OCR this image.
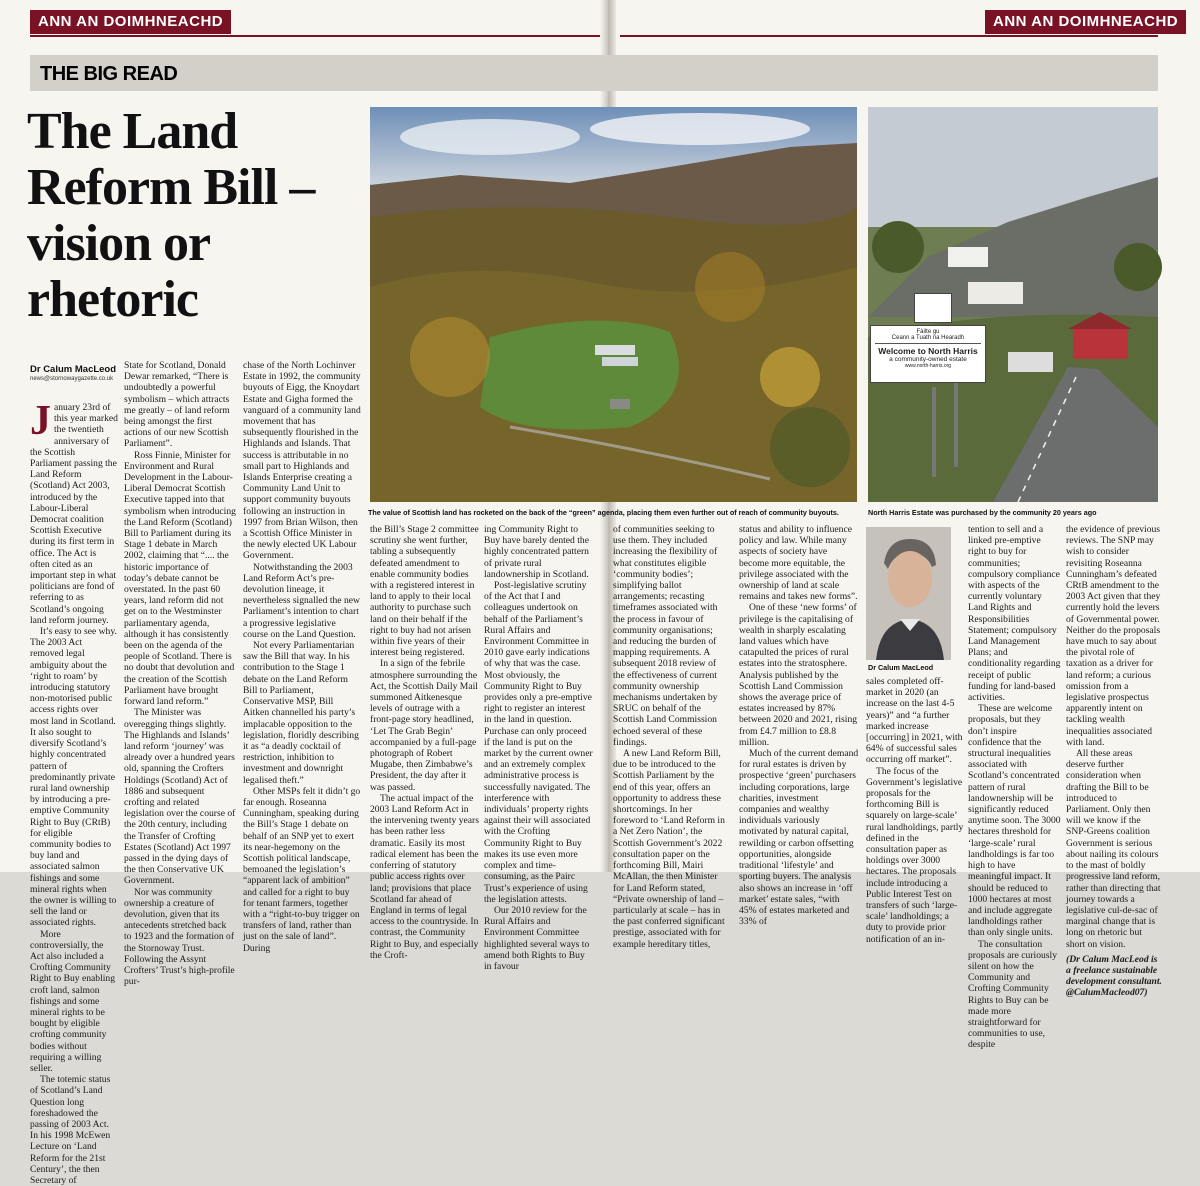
ANN AN DOIMHNEACHD	ANN AN DOIMHNEACHD
THE BIG READ
The Land Reform Bill – vision or rhetoric
Dr Calum MacLeod
news@stornowaygazette.co.uk
The value of Scottish land has rocketed on the back of the “green” agenda, placing them even further out of reach of community buyouts.
Fàilte gu
Ceann a Tuath na Hearadh
Welcome to North Harris
a community-owned estate
www.north-harris.org
North Harris Estate was purchased by the community 20 years ago
Dr Calum MacLeod

January 23rd of this year marked the twentieth anniversary of the Scottish Parliament passing the Land Reform (Scotland) Act 2003, introduced by the Labour-Liberal Democrat coalition Scottish Executive during its first term in office. The Act is often cited as an important step in what politicians are fond of referring to as Scotland’s ongoing land reform journey.

It’s easy to see why. The 2003 Act removed legal ambiguity about the ‘right to roam’ by introducing statutory non-motorised public access rights over most land in Scotland. It also sought to diversify Scotland’s highly concentrated pattern of predominantly private rural land ownership by introducing a pre-emptive Community Right to Buy (CRtB) for eligible community bodies to buy land and associated salmon fishings and some mineral rights when the owner is willing to sell the land or associated rights.

More controversially, the Act also included a Crofting Community Right to Buy enabling croft land, salmon fishings and some mineral rights to be bought by eligible crofting community bodies without requiring a willing seller.

The totemic status of Scotland’s Land Question long foreshadowed the passing of 2003 Act. In his 1998 McEwen Lecture on ‘Land Reform for the 21st Century’, the then Secretary of

State for Scotland, Donald Dewar remarked, “There is undoubtedly a powerful symbolism – which attracts me greatly – of land reform being amongst the first actions of our new Scottish Parliament”.

Ross Finnie, Minister for Environment and Rural Development in the Labour-Liberal Democrat Scottish Executive tapped into that symbolism when introducing the Land Reform (Scotland) Bill to Parliament during its Stage 1 debate in March 2002, claiming that “.... the historic importance of today’s debate cannot be overstated. In the past 60 years, land reform did not get on to the Westminster parliamentary agenda, although it has consistently been on the agenda of the people of Scotland. There is no doubt that devolution and the creation of the Scottish Parliament have brought forward land reform.”

The Minister was overegging things slightly. The Highlands and Islands’ land reform ‘journey’ was already over a hundred years old, spanning the Crofters Holdings (Scotland) Act of 1886 and subsequent crofting and related legislation over the course of the 20th century, including the Transfer of Crofting Estates (Scotland) Act 1997 passed in the dying days of the then Conservative UK Government.

Nor was community ownership a creature of devolution, given that its antecedents stretched back to 1923 and the formation of the Stornoway Trust. Following the Assynt Crofters’ Trust’s high-profile pur-

chase of the North Lochinver Estate in 1992, the community buyouts of Eigg, the Knoydart Estate and Gigha formed the vanguard of a community land movement that has subsequently flourished in the Highlands and Islands. That success is attributable in no small part to Highlands and Islands Enterprise creating a Community Land Unit to support community buyouts following an instruction in 1997 from Brian Wilson, then a Scottish Office Minister in the newly elected UK Labour Government.

Notwithstanding the 2003 Land Reform Act’s pre-devolution lineage, it nevertheless signalled the new Parliament’s intention to chart a progressive legislative course on the Land Question.

Not every Parliamentarian saw the Bill that way. In his contribution to the Stage 1 debate on the Land Reform Bill to Parliament, Conservative MSP, Bill Aitken channelled his party’s implacable opposition to the legislation, floridly describing it as “a deadly cocktail of restriction, inhibition to investment and downright legalised theft.”

Other MSPs felt it didn’t go far enough. Roseanna Cunningham, speaking during the Bill’s Stage 1 debate on behalf of an SNP yet to exert its near-hegemony on the Scottish political landscape, bemoaned the legislation’s “apparent lack of ambition” and called for a right to buy for tenant farmers, together with a “right-to-buy trigger on transfers of land, rather than just on the sale of land”. During

the Bill’s Stage 2 committee scrutiny she went further, tabling a subsequently defeated amendment to enable community bodies with a registered interest in land to apply to their local authority to purchase such land on their behalf if the right to buy had not arisen within five years of their interest being registered.

In a sign of the febrile atmosphere surrounding the Act, the Scottish Daily Mail summoned Aitkenesque levels of outrage with a front-page story headlined, ‘Let The Grab Begin’ accompanied by a full-page photograph of Robert Mugabe, then Zimbabwe’s President, the day after it was passed.

The actual impact of the 2003 Land Reform Act in the intervening twenty years has been rather less dramatic. Easily its most radical element has been the conferring of statutory public access rights over land; provisions that place Scotland far ahead of England in terms of legal access to the countryside. In contrast, the Community Right to Buy, and especially the Croft-

ing Community Right to Buy have barely dented the highly concentrated pattern of private rural landownership in Scotland.

Post-legislative scrutiny of the Act that I and colleagues undertook on behalf of the Parliament’s Rural Affairs and Environment Committee in 2010 gave early indications of why that was the case. Most obviously, the Community Right to Buy provides only a pre-emptive right to register an interest in the land in question. Purchase can only proceed if the land is put on the market by the current owner and an extremely complex administrative process is successfully navigated. The interference with individuals’ property rights against their will associated with the Crofting Community Right to Buy makes its use even more complex and time-consuming, as the Pairc Trust’s experience of using the legislation attests.

Our 2010 review for the Rural Affairs and Environment Committee highlighted several ways to amend both Rights to Buy in favour

of communities seeking to use them. They included increasing the flexibility of what constitutes eligible ‘community bodies’; simplifying ballot arrangements; recasting timeframes associated with the process in favour of community organisations; and reducing the burden of mapping requirements. A subsequent 2018 review of the effectiveness of current community ownership mechanisms undertaken by SRUC on behalf of the Scottish Land Commission echoed several of these findings.

A new Land Reform Bill, due to be introduced to the Scottish Parliament by the end of this year, offers an opportunity to address these shortcomings. In her foreword to ‘Land Reform in a Net Zero Nation’, the Scottish Government’s 2022 consultation paper on the forthcoming Bill, Mairi McAllan, the then Minister for Land Reform stated, “Private ownership of land – particularly at scale – has in the past conferred significant prestige, associated with for example hereditary titles,

status and ability to influence policy and law. While many aspects of society have become more equitable, the privilege associated with the ownership of land at scale remains and takes new forms”.

One of these ‘new forms’ of privilege is the capitalising of wealth in sharply escalating land values which have catapulted the prices of rural estates into the stratosphere. Analysis published by the Scottish Land Commission shows the average price of estates increased by 87% between 2020 and 2021, rising from £4.7 million to £8.8 million.

Much of the current demand for rural estates is driven by prospective ‘green’ purchasers including corporations, large charities, investment companies and wealthy individuals variously motivated by natural capital, rewilding or carbon offsetting opportunities, alongside traditional ‘lifestyle’ and sporting buyers. The analysis also shows an increase in ‘off market’ estate sales, “with 45% of estates marketed and 33% of

sales completed off-market in 2020 (an increase on the last 4-5 years)” and “a further marked increase [occurring] in 2021, with 64% of successful sales occurring off market”.

The focus of the Government’s legislative proposals for the forthcoming Bill is squarely on large-scale’ rural landholdings, partly defined in the consultation paper as holdings over 3000 hectares. The proposals include introducing a Public Interest Test on transfers of such ‘large-scale’ landholdings; a duty to provide prior notification of an in-

tention to sell and a linked pre-emptive right to buy for communities; compulsory compliance with aspects of the currently voluntary Land Rights and Responsibilities Statement; compulsory Land Management Plans; and conditionality regarding receipt of public funding for land-based activities.

These are welcome proposals, but they don’t inspire confidence that the structural inequalities associated with Scotland’s concentrated pattern of rural landownership will be significantly reduced anytime soon. The 3000 hectares threshold for ‘large-scale’ rural landholdings is far too high to have meaningful impact. It should be reduced to 1000 hectares at most and include aggregate landholdings rather than only single units.

The consultation proposals are curiously silent on how the Community and Crofting Community Rights to Buy can be made more straightforward for communities to use, despite

the evidence of previous reviews. The SNP may wish to consider revisiting Roseanna Cunningham’s defeated CRtB amendment to the 2003 Act given that they currently hold the levers of Governmental power. Neither do the proposals have much to say about the pivotal role of taxation as a driver for land reform; a curious omission from a legislative prospectus apparently intent on tackling wealth inequalities associated with land.

All these areas deserve further consideration when drafting the Bill to be introduced to Parliament. Only then will we know if the SNP-Greens coalition Government is serious about nailing its colours to the mast of boldly progressive land reform, rather than directing that journey towards a legislative cul-de-sac of marginal change that is long on rhetoric but short on vision.

(Dr Calum MacLeod is a freelance sustainable development consultant. @CalumMacleod07)
